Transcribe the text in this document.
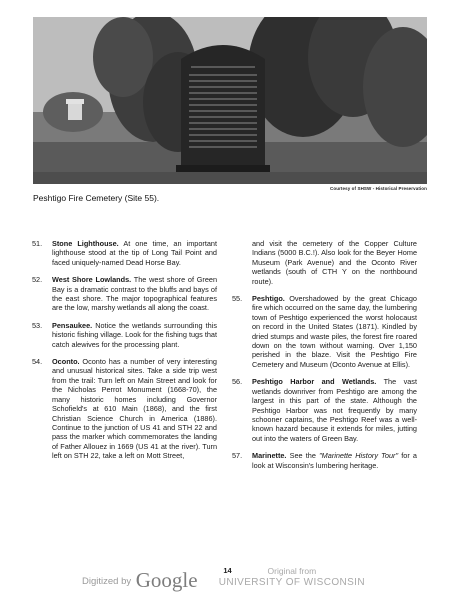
Courtesy of SHSW - Historical Preservation
Peshtigo Fire Cemetery (Site 55).
51.	Stone Lighthouse. At one time, an important lighthouse stood at the tip of Long Tail Point and faced uniquely-named Dead Horse Bay.
52.	West Shore Lowlands. The west shore of Green Bay is a dramatic contrast to the bluffs and bays of the east shore. The major topographical features are the low, marshy wetlands all along the coast.
53.	Pensaukee. Notice the wetlands surrounding this historic fishing village. Look for the fishing tugs that catch alewives for the processing plant.
54.	Oconto. Oconto has a number of very interesting and unusual historical sites. Take a side trip west from the trail: Turn left on Main Street and look for the Nicholas Perrot Monument (1668-70), the many historic homes including Governor Schofield's at 610 Main (1868), and the first Christian Science Church in America (1886). Continue to the junction of US 41 and STH 22 and pass the marker which commemorates the landing of Father Allouez in 1669 (US 41 at the river). Turn left on STH 22, take a left on Mott Street,
and visit the cemetery of the Copper Culture Indians (5000 B.C.!). Also look for the Beyer Home Museum (Park Avenue) and the Oconto River wetlands (south of CTH Y on the northbound route).
55.	Peshtigo. Overshadowed by the great Chicago fire which occurred on the same day, the lumbering town of Peshtigo experienced the worst holocaust on record in the United States (1871). Kindled by dried stumps and waste piles, the forest fire roared down on the town without warning. Over 1,150 perished in the blaze. Visit the Peshtigo Fire Cemetery and Museum (Oconto Avenue at Ellis).
56.	Peshtigo Harbor and Wetlands. The vast wetlands downriver from Peshtigo are among the largest in this part of the state. Although the Peshtigo Harbor was not frequently by many schooner captains, the Peshtigo Reef was a well-known hazard because it extends for miles, jutting out into the waters of Green Bay.
57.	Marinette. See the "Marinette History Tour" for a look at Wisconsin's lumbering heritage.
Digitized by Google	14	Original from
UNIVERSITY OF WISCONSIN
